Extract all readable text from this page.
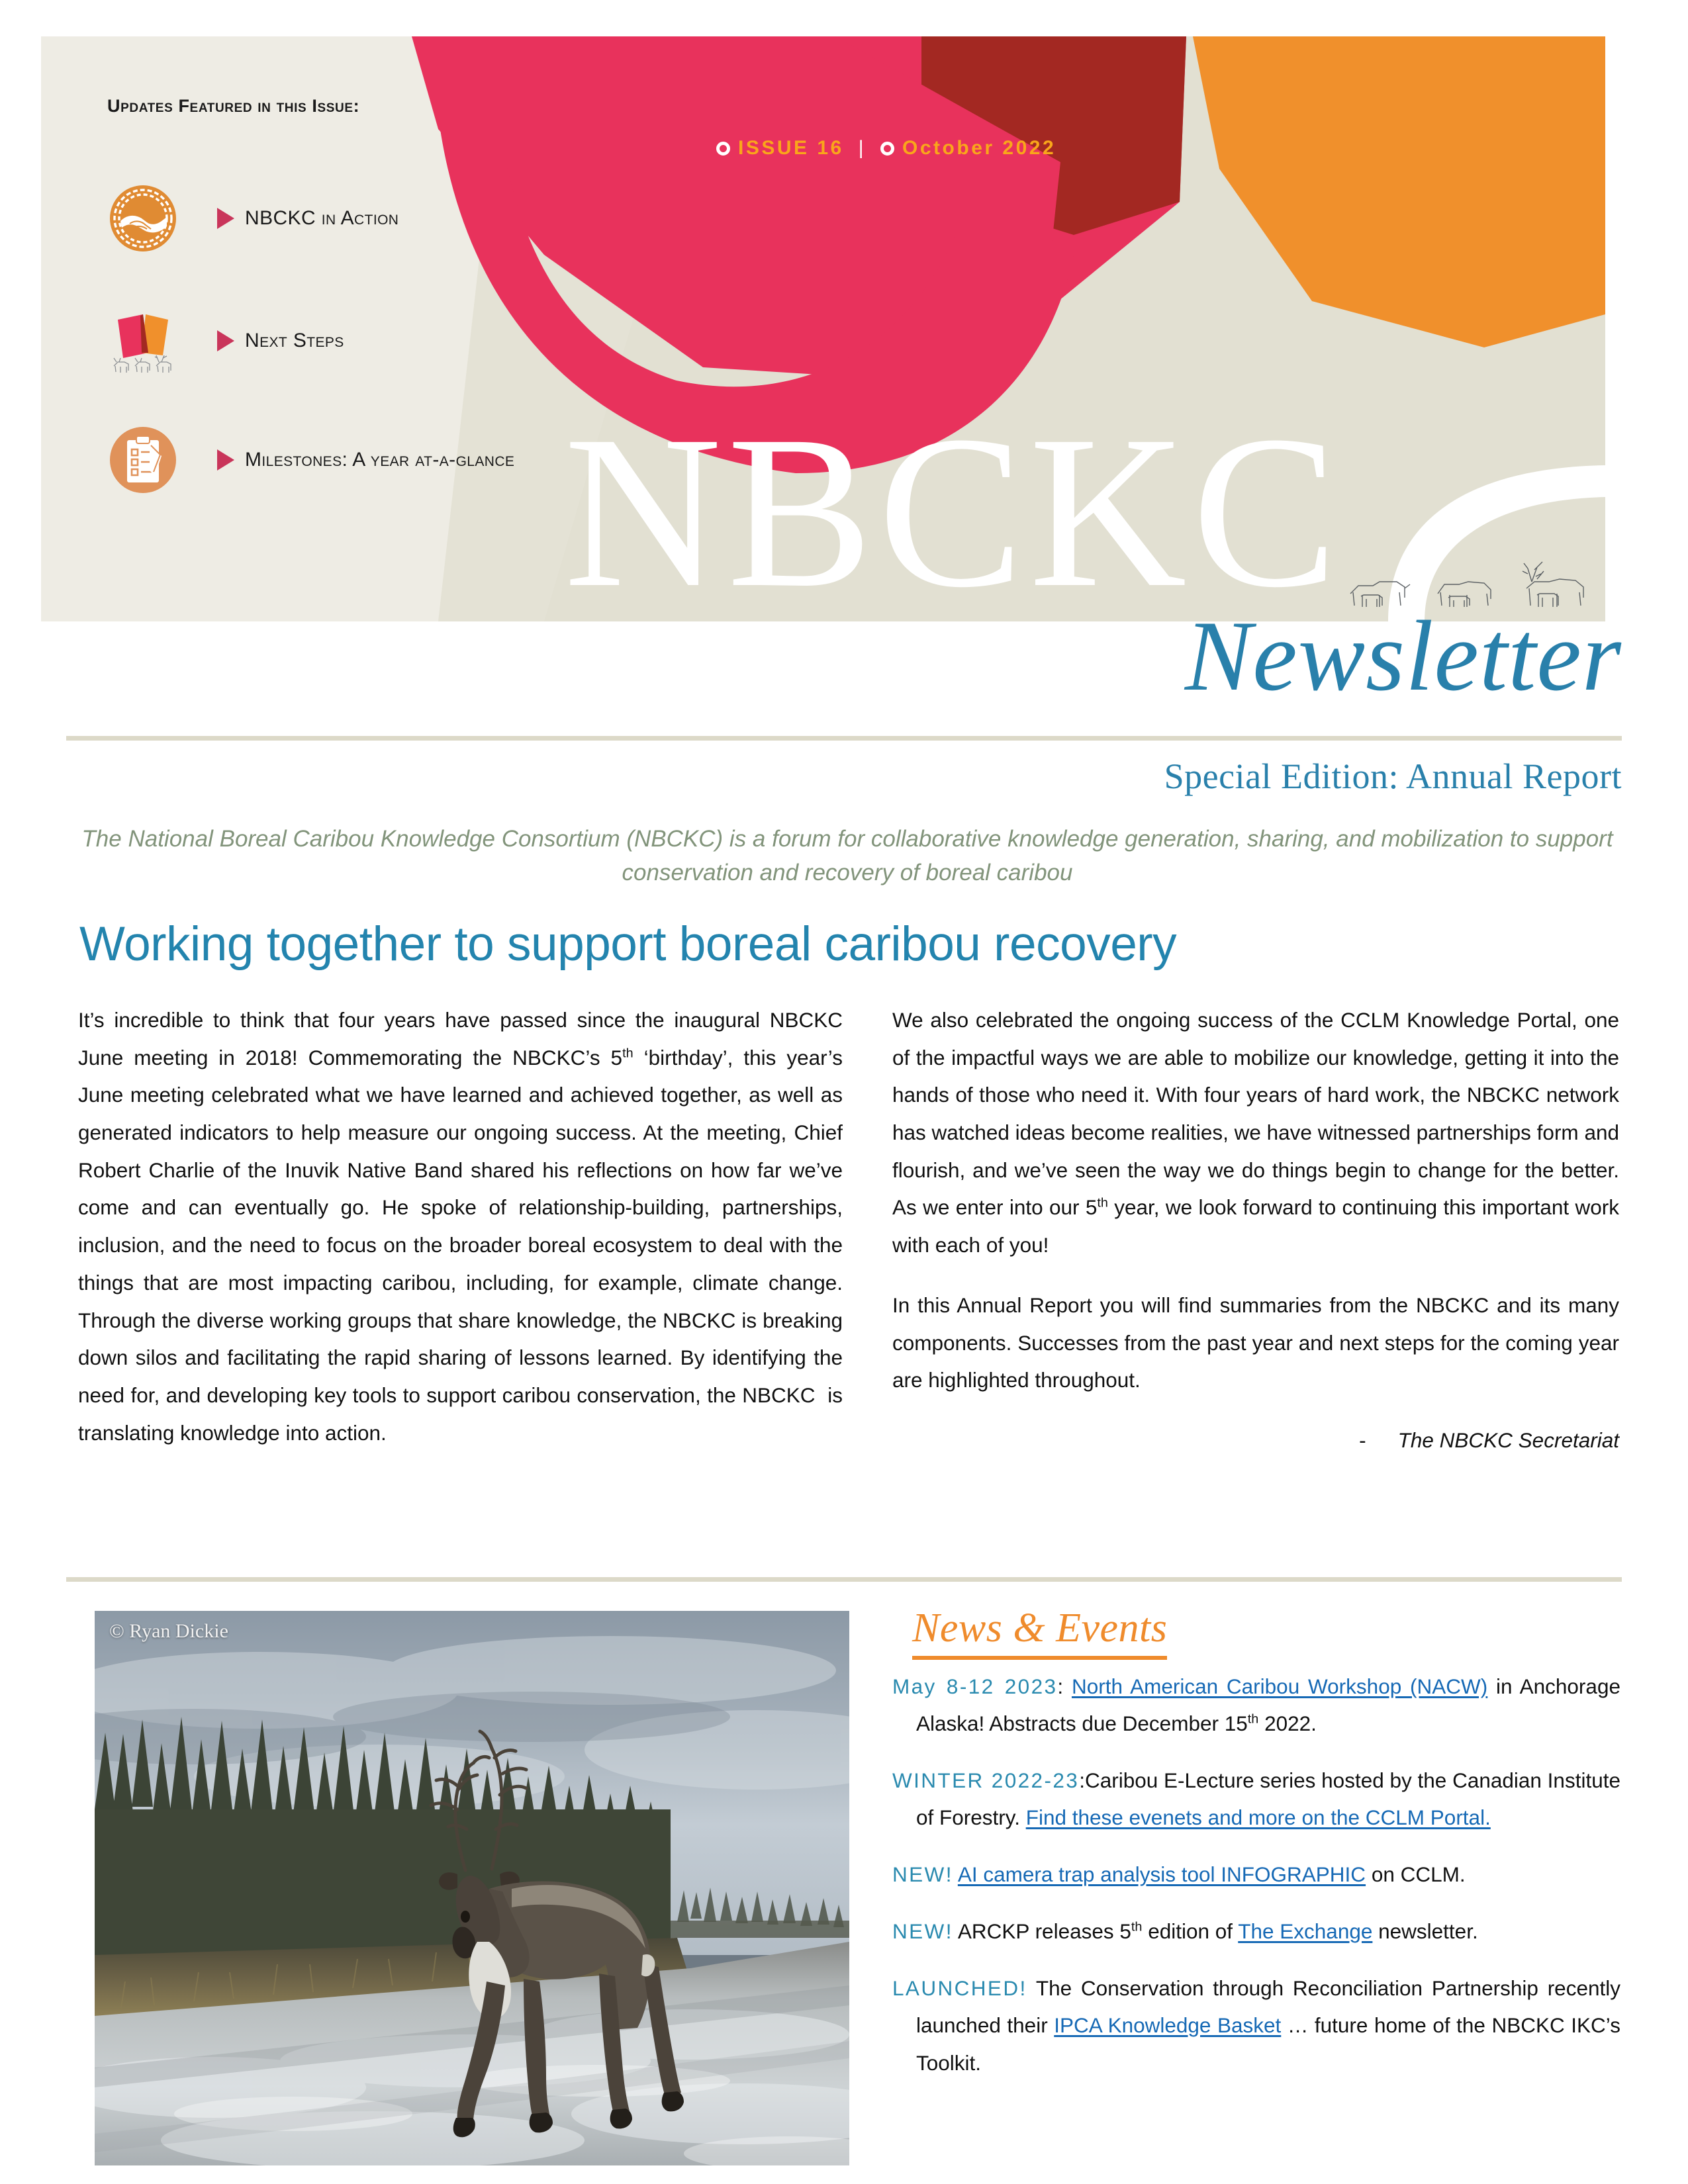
NBCKC
ISSUE 16 | October 2022
Updates Featured in this Issue:
NBCKC in Action
Next Steps
Milestones: A year at-a-glance
Newsletter
Special Edition: Annual Report
The National Boreal Caribou Knowledge Consortium (NBCKC) is a forum for collaborative knowledge generation, sharing, and mobilization to support conservation and recovery of boreal caribou
Working together to support boreal caribou recovery

It’s incredible to think that four years have passed since the inaugural NBCKC June meeting in 2018! Commemorating the NBCKC’s 5th ‘birthday’, this year’s June meeting celebrated what we have learned and achieved together, as well as generated indicators to help measure our ongoing success. At the meeting, Chief Robert Charlie of the Inuvik Native Band shared his reflections on how far we’ve come and can eventually go. He spoke of relationship-building, partnerships, inclusion, and the need to focus on the broader boreal ecosystem to deal with the things that are most impacting caribou, including, for example, climate change. Through the diverse working groups that share knowledge, the NBCKC is breaking down silos and facilitating the rapid sharing of lessons learned. By identifying the need for, and developing key tools to support caribou conservation, the NBCKC  is translating knowledge into action.

We also celebrated the ongoing success of the CCLM Knowledge Portal, one of the impactful ways we are able to mobilize our knowledge, getting it into the hands of those who need it. With four years of hard work, the NBCKC network has watched ideas become realities, we have witnessed partnerships form and flourish, and we’ve seen the way we do things begin to change for the better. As we enter into our 5th year, we look forward to continuing this important work with each of you!

In this Annual Report you will find summaries from the NBCKC and its many components. Successes from the past year and next steps for the coming year are highlighted throughout.

- The NBCKC Secretariat
© Ryan Dickie	News & Events
May 8-12 2023: North American Caribou Workshop (NACW) in Anchorage Alaska! Abstracts due December 15th 2022.
WINTER 2022-23:Caribou E-Lecture series hosted by the Canadian Institute of Forestry. Find these evenets and more on the CCLM Portal.
NEW! AI camera trap analysis tool INFOGRAPHIC on CCLM.
NEW! ARCKP releases 5th edition of The Exchange newsletter.
LAUNCHED! The Conservation through Reconciliation Partnership recently launched their IPCA Knowledge Basket … future home of the NBCKC IKC’s Toolkit.
